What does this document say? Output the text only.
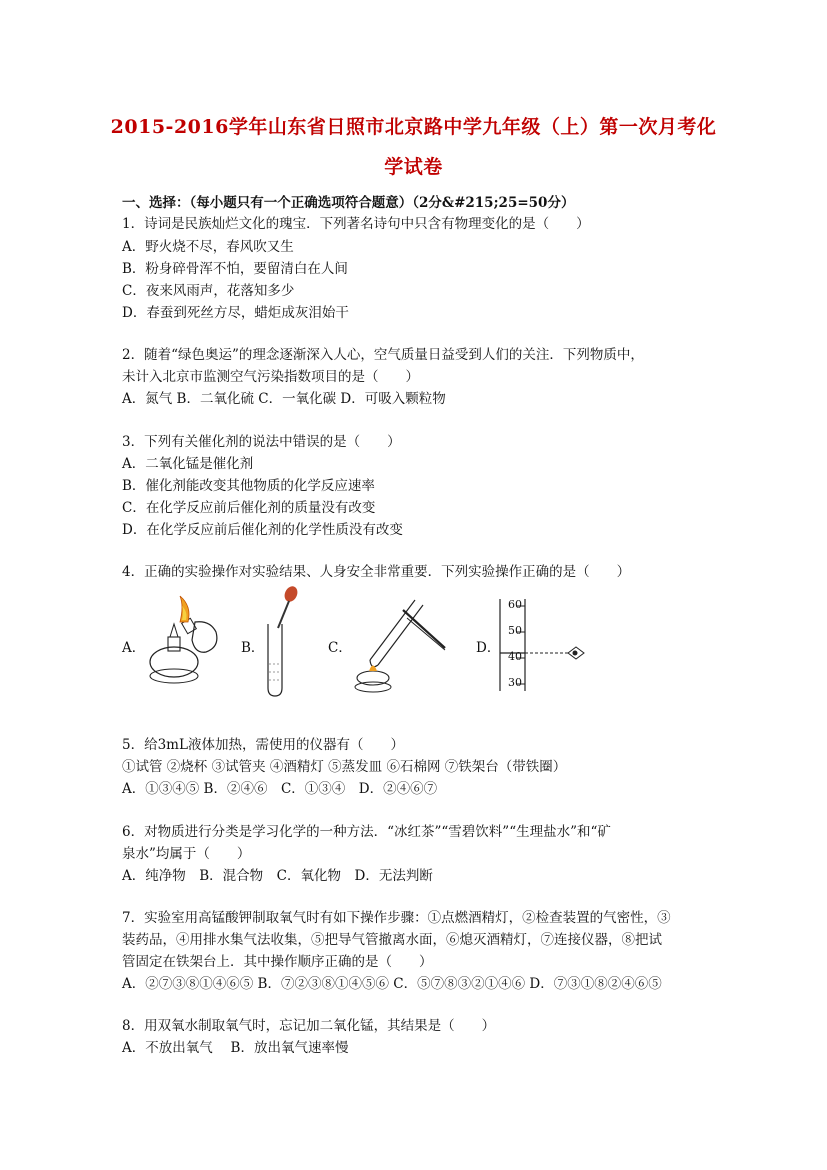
2015-2016学年山东省日照市北京路中学九年级（上）第一次月考化
学试卷
一、选择：（每小题只有一个正确选项符合题意）（2分&#215;25=50分）
1．诗词是民族灿烂文化的瑰宝．下列著名诗句中只含有物理变化的是（　　）
A．野火烧不尽，春风吹又生
B．粉身碎骨浑不怕，要留清白在人间
C．夜来风雨声，花落知多少
D．春蚕到死丝方尽，蜡炬成灰泪始干
2．随着“绿色奥运”的理念逐渐深入人心，空气质量日益受到人们的关注．下列物质中，
未计入北京市监测空气污染指数项目的是（　　）
A．氮气 B．二氧化硫 C．一氧化碳 D．可吸入颗粒物
3．下列有关催化剂的说法中错误的是（　　）
A．二氧化锰是催化剂
B．催化剂能改变其他物质的化学反应速率
C．在化学反应前后催化剂的质量没有改变
D．在化学反应前后催化剂的化学性质没有改变
4．正确的实验操作对实验结果、人身安全非常重要．下列实验操作正确的是（　　）
A．	B．	C．	D．
60
50
40
30
5．给3mL液体加热，需使用的仪器有（　　）
①试管 ②烧杯 ③试管夹 ④酒精灯 ⑤蒸发皿 ⑥石棉网 ⑦铁架台（带铁圈）
A．①③④⑤ B．②④⑥　C．①③④　D．②④⑥⑦
6．对物质进行分类是学习化学的一种方法．“冰红茶”“雪碧饮料”“生理盐水”和“矿
泉水”均属于（　　）
A．纯净物　B．混合物　C．氧化物　D．无法判断
7．实验室用高锰酸钾制取氧气时有如下操作步骤：①点燃酒精灯，②检查装置的气密性，③
装药品，④用排水集气法收集，⑤把导气管撤离水面，⑥熄灭酒精灯，⑦连接仪器，⑧把试
管固定在铁架台上．其中操作顺序正确的是（　　）
A．②⑦③⑧①④⑥⑤ B．⑦②③⑧①④⑤⑥ C．⑤⑦⑧③②①④⑥ D．⑦③①⑧②④⑥⑤
8．用双氧水制取氧气时，忘记加二氧化锰，其结果是（　　）
A．不放出氧气　 B．放出氧气速率慢
